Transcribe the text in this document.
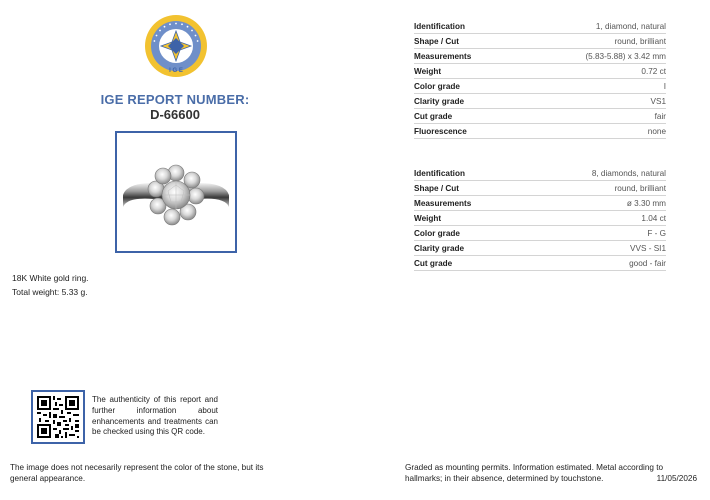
I G E
IGE REPORT NUMBER:
D-66600
18K White gold ring.
Total weight: 5.33 g.
Identification	1, diamond, natural
Shape / Cut	round, brilliant
Measurements	(5.83-5.88) x 3.42 mm
Weight	0.72 ct
Color grade	I
Clarity grade	VS1
Cut grade	fair
Fluorescence	none
Identification	8, diamonds, natural
Shape / Cut	round, brilliant
Measurements	ø 3.30 mm
Weight	1.04 ct
Color grade	F - G
Clarity grade	VVS - SI1
Cut grade	good - fair
The authenticity of this report and further information about enhancements and treatments can be checked using this QR code.
The image does not necesarily represent the color of the stone, but its general appearance.
Graded as mounting permits. Information estimated. Metal according to hallmarks; in their absence, determined by touchstone.	11/05/2026
